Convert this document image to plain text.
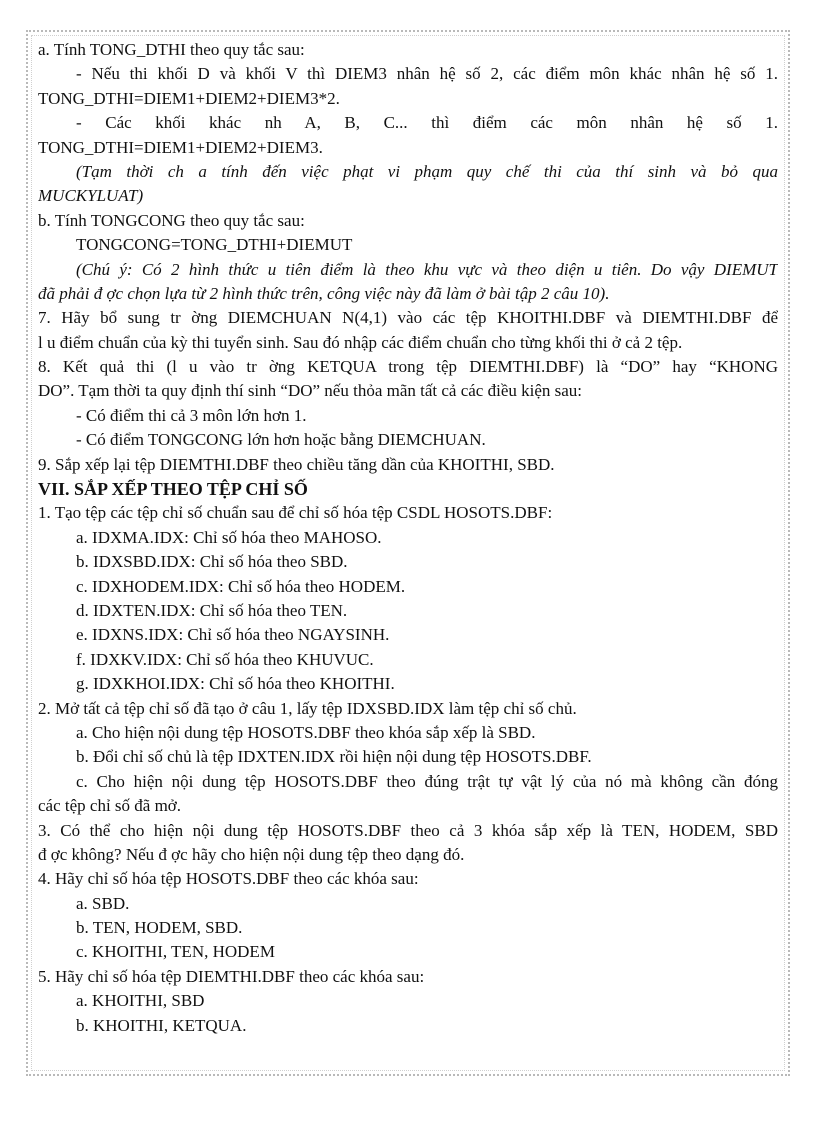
a. Tính TONG_DTHI theo quy tắc sau:
- Nếu thi khối D và khối V thì DIEM3 nhân hệ số 2, các điểm môn khác nhân hệ số 1.
TONG_DTHI=DIEM1+DIEM2+DIEM3*2.
- Các khối khác nh A, B, C... thì điểm các môn nhân hệ số 1.
TONG_DTHI=DIEM1+DIEM2+DIEM3.
(Tạm thời ch a tính đến việc phạt vi phạm quy chế thi của thí sinh và bỏ qua
MUCKYLUAT)
b. Tính TONGCONG theo quy tắc sau:
TONGCONG=TONG_DTHI+DIEMUT
(Chú ý: Có 2 hình thức u tiên điểm là theo khu vực và theo diện u tiên. Do vậy DIEMUT
đã phải đ ợc chọn lựa từ 2 hình thức trên, công việc này đã làm ở bài tập 2 câu 10).
7. Hãy bổ sung tr ờng DIEMCHUAN N(4,1) vào các tệp KHOITHI.DBF và DIEMTHI.DBF để
l u điểm chuẩn của kỳ thi tuyển sinh. Sau đó nhập các điểm chuẩn cho từng khối thi ở cả 2 tệp.
8. Kết quả thi (l u vào tr ờng KETQUA trong tệp DIEMTHI.DBF) là “DO” hay “KHONG
DO”. Tạm thời ta quy định thí sinh “DO” nếu thỏa mãn tất cả các điều kiện sau:
- Có điểm thi cả 3 môn lớn hơn 1.
- Có điểm TONGCONG lớn hơn hoặc bằng DIEMCHUAN.
9. Sắp xếp lại tệp DIEMTHI.DBF theo chiều tăng dần của KHOITHI, SBD.
VII. SẮP XẾP THEO TỆP CHỈ SỐ
1. Tạo tệp các tệp chỉ số chuẩn sau để chỉ số hóa tệp CSDL HOSOTS.DBF:
a. IDXMA.IDX: Chỉ số hóa theo MAHOSO.
b. IDXSBD.IDX: Chỉ số hóa theo SBD.
c. IDXHODEM.IDX: Chỉ số hóa theo HODEM.
d. IDXTEN.IDX: Chỉ số hóa theo TEN.
e. IDXNS.IDX: Chỉ số hóa theo NGAYSINH.
f. IDXKV.IDX: Chỉ số hóa theo KHUVUC.
g. IDXKHOI.IDX: Chỉ số hóa theo KHOITHI.
2. Mở tất cả tệp chỉ số đã tạo ở câu 1, lấy tệp IDXSBD.IDX làm tệp chỉ số chủ.
a. Cho hiện nội dung tệp HOSOTS.DBF theo khóa sắp xếp là SBD.
b. Đổi chỉ số chủ là tệp IDXTEN.IDX rồi hiện nội dung tệp HOSOTS.DBF.
c. Cho hiện nội dung tệp HOSOTS.DBF theo đúng trật tự vật lý của nó mà không cần đóng
các tệp chỉ số đã mở.
3. Có thể cho hiện nội dung tệp HOSOTS.DBF theo cả 3 khóa sắp xếp là TEN, HODEM, SBD
đ ợc không? Nếu đ ợc hãy cho hiện nội dung tệp theo dạng đó.
4. Hãy chỉ số hóa tệp HOSOTS.DBF theo các khóa sau:
a. SBD.
b. TEN, HODEM, SBD.
c. KHOITHI, TEN, HODEM
5. Hãy chỉ số hóa tệp DIEMTHI.DBF theo các khóa sau:
a. KHOITHI, SBD
b. KHOITHI, KETQUA.
